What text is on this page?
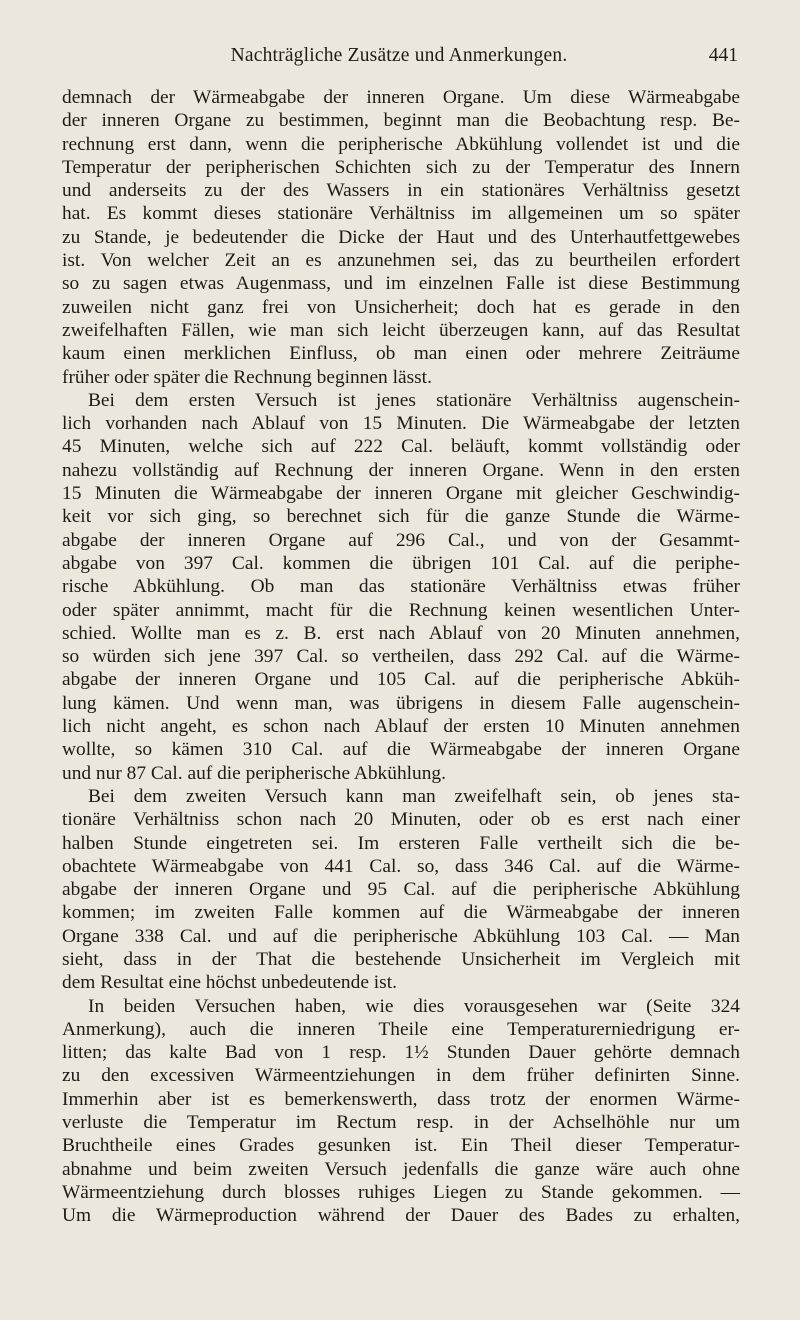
Nachträgliche Zusätze und Anmerkungen.	441
demnach der Wärmeabgabe der inneren Organe. Um diese Wärmeabgabe
der inneren Organe zu bestimmen, beginnt man die Beobachtung resp. Be-
rechnung erst dann, wenn die peripherische Abkühlung vollendet ist und die
Temperatur der peripherischen Schichten sich zu der Temperatur des Innern
und anderseits zu der des Wassers in ein stationäres Verhältniss gesetzt
hat. Es kommt dieses stationäre Verhältniss im allgemeinen um so später
zu Stande, je bedeutender die Dicke der Haut und des Unterhautfettgewebes
ist. Von welcher Zeit an es anzunehmen sei, das zu beurtheilen erfordert
so zu sagen etwas Augenmass, und im einzelnen Falle ist diese Bestimmung
zuweilen nicht ganz frei von Unsicherheit; doch hat es gerade in den
zweifelhaften Fällen, wie man sich leicht überzeugen kann, auf das Resultat
kaum einen merklichen Einfluss, ob man einen oder mehrere Zeiträume
früher oder später die Rechnung beginnen lässt.
Bei dem ersten Versuch ist jenes stationäre Verhältniss augenschein-
lich vorhanden nach Ablauf von 15 Minuten. Die Wärmeabgabe der letzten
45 Minuten, welche sich auf 222 Cal. beläuft, kommt vollständig oder
nahezu vollständig auf Rechnung der inneren Organe. Wenn in den ersten
15 Minuten die Wärmeabgabe der inneren Organe mit gleicher Geschwindig-
keit vor sich ging, so berechnet sich für die ganze Stunde die Wärme-
abgabe der inneren Organe auf 296 Cal., und von der Gesammt-
abgabe von 397 Cal. kommen die übrigen 101 Cal. auf die periphe-
rische Abkühlung. Ob man das stationäre Verhältniss etwas früher
oder später annimmt, macht für die Rechnung keinen wesentlichen Unter-
schied. Wollte man es z. B. erst nach Ablauf von 20 Minuten annehmen,
so würden sich jene 397 Cal. so vertheilen, dass 292 Cal. auf die Wärme-
abgabe der inneren Organe und 105 Cal. auf die peripherische Abküh-
lung kämen. Und wenn man, was übrigens in diesem Falle augenschein-
lich nicht angeht, es schon nach Ablauf der ersten 10 Minuten annehmen
wollte, so kämen 310 Cal. auf die Wärmeabgabe der inneren Organe
und nur 87 Cal. auf die peripherische Abkühlung.
Bei dem zweiten Versuch kann man zweifelhaft sein, ob jenes sta-
tionäre Verhältniss schon nach 20 Minuten, oder ob es erst nach einer
halben Stunde eingetreten sei. Im ersteren Falle vertheilt sich die be-
obachtete Wärmeabgabe von 441 Cal. so, dass 346 Cal. auf die Wärme-
abgabe der inneren Organe und 95 Cal. auf die peripherische Abkühlung
kommen; im zweiten Falle kommen auf die Wärmeabgabe der inneren
Organe 338 Cal. und auf die peripherische Abkühlung 103 Cal. — Man
sieht, dass in der That die bestehende Unsicherheit im Vergleich mit
dem Resultat eine höchst unbedeutende ist.
In beiden Versuchen haben, wie dies vorausgesehen war (Seite 324
Anmerkung), auch die inneren Theile eine Temperaturerniedrigung er-
litten; das kalte Bad von 1 resp. 1½ Stunden Dauer gehörte demnach
zu den excessiven Wärmeentziehungen in dem früher definirten Sinne.
Immerhin aber ist es bemerkenswerth, dass trotz der enormen Wärme-
verluste die Temperatur im Rectum resp. in der Achselhöhle nur um
Bruchtheile eines Grades gesunken ist. Ein Theil dieser Temperatur-
abnahme und beim zweiten Versuch jedenfalls die ganze wäre auch ohne
Wärmeentziehung durch blosses ruhiges Liegen zu Stande gekommen. —
Um die Wärmeproduction während der Dauer des Bades zu erhalten,
